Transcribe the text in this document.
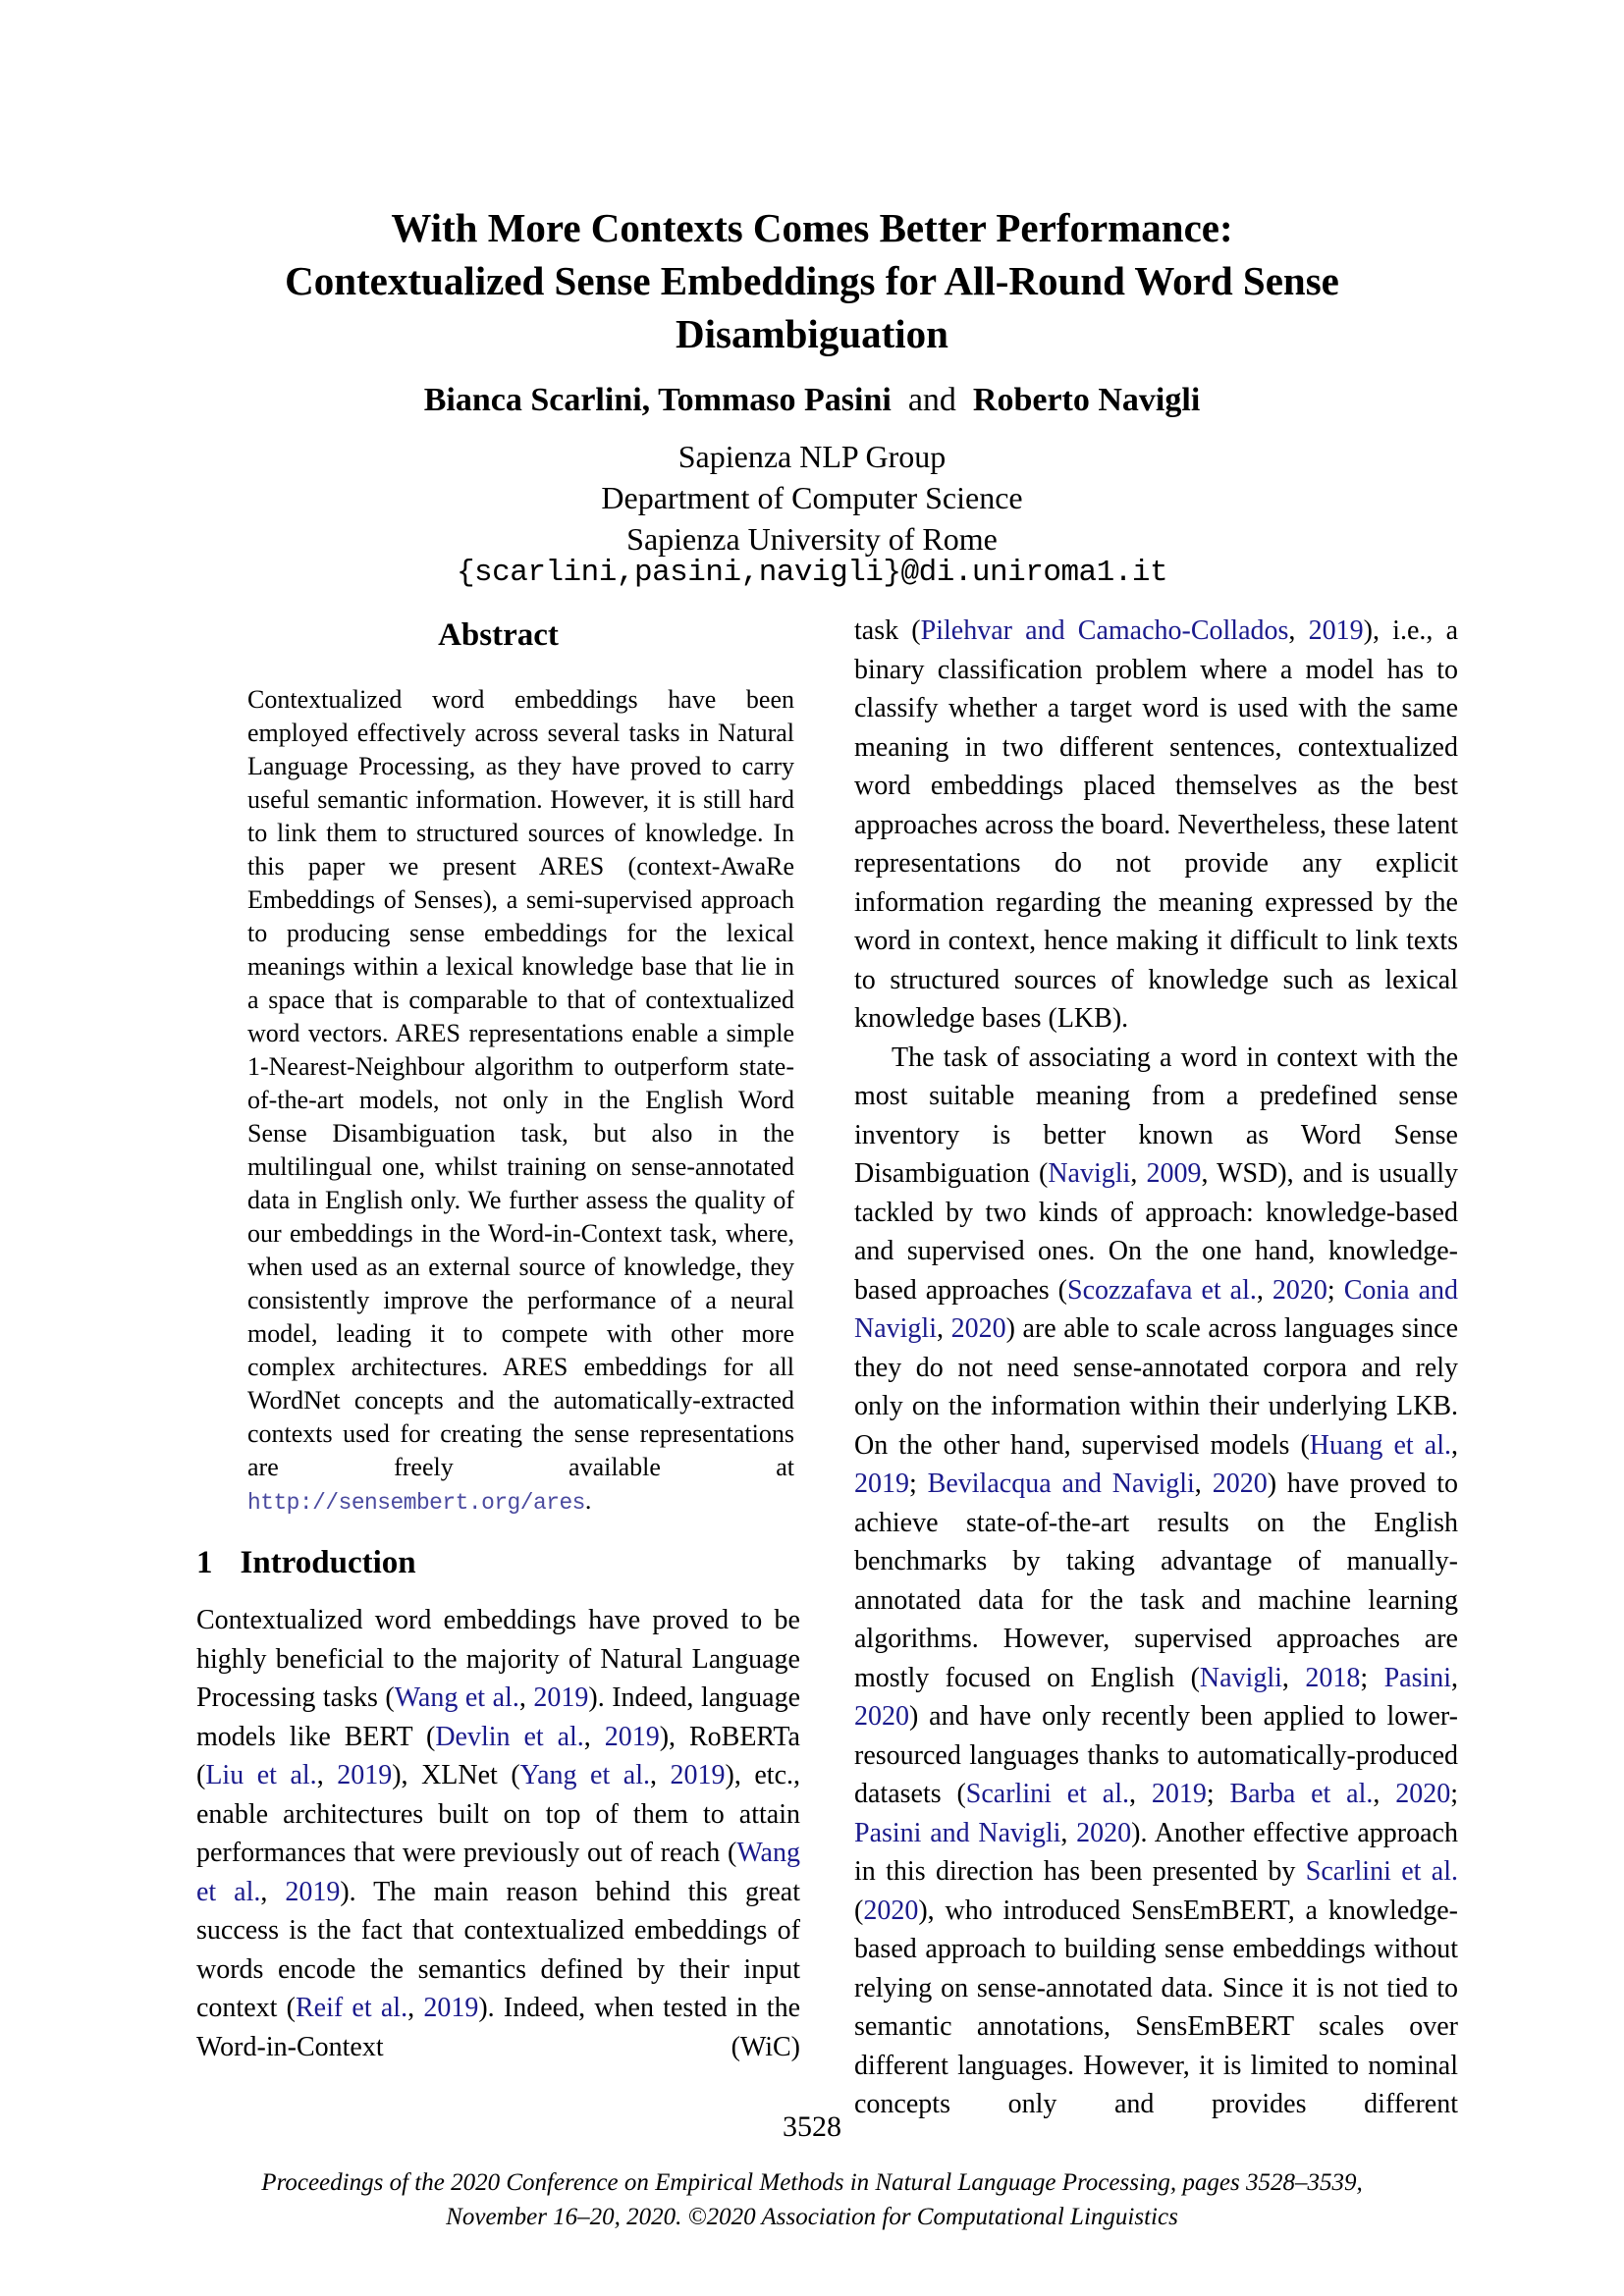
With More Contexts Comes Better Performance:
Contextualized Sense Embeddings for All-Round Word Sense
Disambiguation
Bianca Scarlini, Tommaso Pasini  and  Roberto Navigli
Sapienza NLP Group
Department of Computer Science
Sapienza University of Rome
{scarlini,pasini,navigli}@di.uniroma1.it
Abstract

Contextualized word embeddings have been employed effectively across several tasks in Natural Language Processing, as they have proved to carry useful semantic information. However, it is still hard to link them to structured sources of knowledge. In this paper we present ARES (context-AwaRe Embeddings of Senses), a semi-supervised approach to producing sense embeddings for the lexical meanings within a lexical knowledge base that lie in a space that is comparable to that of contextualized word vectors. ARES representations enable a simple 1-Nearest-Neighbour algorithm to outperform state-of-the-art models, not only in the English Word Sense Disambiguation task, but also in the multilingual one, whilst training on sense-annotated data in English only. We further assess the quality of our embeddings in the Word-in-Context task, where, when used as an external source of knowledge, they consistently improve the performance of a neural model, leading it to compete with other more complex architectures. ARES embeddings for all WordNet concepts and the automatically-extracted contexts used for creating the sense representations are freely available at http://sensembert.org/ares.

1 Introduction

Contextualized word embeddings have proved to be highly beneficial to the majority of Natural Language Processing tasks (Wang et al., 2019). Indeed, language models like BERT (Devlin et al., 2019), RoBERTa (Liu et al., 2019), XLNet (Yang et al., 2019), etc., enable architectures built on top of them to attain performances that were previously out of reach (Wang et al., 2019). The main reason behind this great success is the fact that contextualized embeddings of words encode the semantics defined by their input context (Reif et al., 2019). Indeed, when tested in the Word-in-Context (WiC)

task (Pilehvar and Camacho-Collados, 2019), i.e., a binary classification problem where a model has to classify whether a target word is used with the same meaning in two different sentences, contextualized word embeddings placed themselves as the best approaches across the board. Nevertheless, these latent representations do not provide any explicit information regarding the meaning expressed by the word in context, hence making it difficult to link texts to structured sources of knowledge such as lexical knowledge bases (LKB).

The task of associating a word in context with the most suitable meaning from a predefined sense inventory is better known as Word Sense Disambiguation (Navigli, 2009, WSD), and is usually tackled by two kinds of approach: knowledge-based and supervised ones. On the one hand, knowledge-based approaches (Scozzafava et al., 2020; Conia and Navigli, 2020) are able to scale across languages since they do not need sense-annotated corpora and rely only on the information within their underlying LKB. On the other hand, supervised models (Huang et al., 2019; Bevilacqua and Navigli, 2020) have proved to achieve state-of-the-art results on the English benchmarks by taking advantage of manually-annotated data for the task and machine learning algorithms. However, supervised approaches are mostly focused on English (Navigli, 2018; Pasini, 2020) and have only recently been applied to lower-resourced languages thanks to automatically-produced datasets (Scarlini et al., 2019; Barba et al., 2020; Pasini and Navigli, 2020). Another effective approach in this direction has been presented by Scarlini et al. (2020), who introduced SensEmBERT, a knowledge-based approach to building sense embeddings without relying on sense-annotated data. Since it is not tied to semantic annotations, SensEmBERT scales over different languages. However, it is limited to nominal concepts only and provides different

3528
Proceedings of the 2020 Conference on Empirical Methods in Natural Language Processing, pages 3528–3539,
November 16–20, 2020. ©2020 Association for Computational Linguistics
